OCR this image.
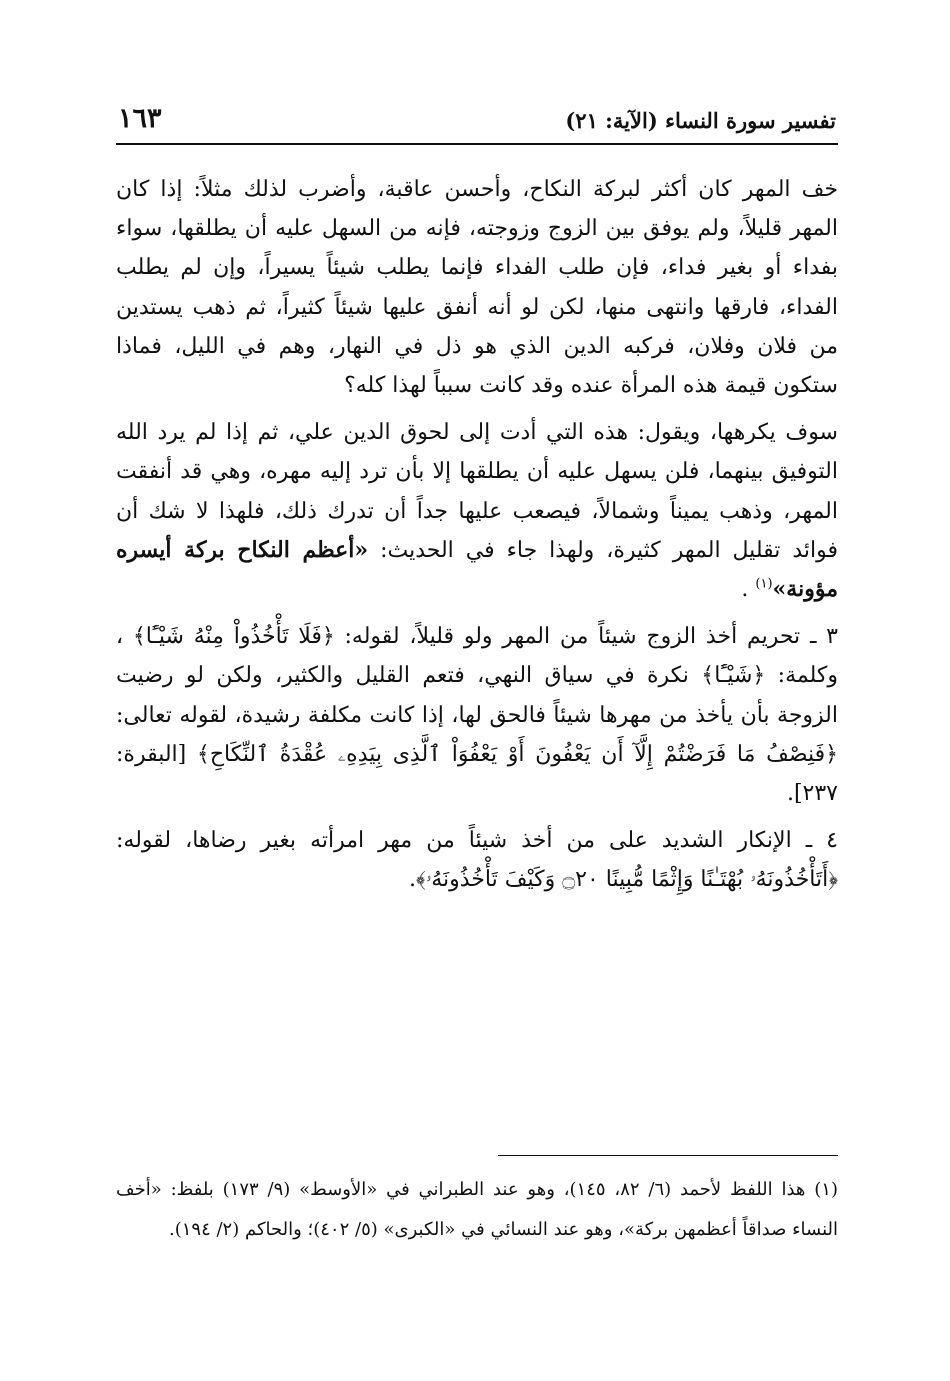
تفسير سورة النساء (الآية: ٢١)
١٦٣

خف المهر كان أكثر لبركة النكاح، وأحسن عاقبة، وأضرب لذلك مثلاً: إذا كان المهر قليلاً، ولم يوفق بين الزوج وزوجته، فإنه من السهل عليه أن يطلقها، سواء بفداء أو بغير فداء، فإن طلب الفداء فإنما يطلب شيئاً يسيراً، وإن لم يطلب الفداء، فارقها وانتهى منها، لكن لو أنه أنفق عليها شيئاً كثيراً، ثم ذهب يستدين من فلان وفلان، فركبه الدين الذي هو ذل في النهار، وهم في الليل، فماذا ستكون قيمة هذه المرأة عنده وقد كانت سبباً لهذا كله؟

سوف يكرهها، ويقول: هذه التي أدت إلى لحوق الدين علي، ثم إذا لم يرد الله التوفيق بينهما، فلن يسهل عليه أن يطلقها إلا بأن ترد إليه مهره، وهي قد أنفقت المهر، وذهب يميناً وشمالاً، فيصعب عليها جداً أن تدرك ذلك، فلهذا لا شك أن فوائد تقليل المهر كثيرة، ولهذا جاء في الحديث: «أعظم النكاح بركة أيسره مؤونة»$^{(١)}$ .

٣ ـ تحريم أخذ الزوج شيئاً من المهر ولو قليلاً، لقوله: ﴿فَلَا تَأْخُذُواْ مِنْهُ شَيْـًٔا﴾ ، وكلمة: ﴿شَيْـًٔا﴾ نكرة في سياق النهي، فتعم القليل والكثير، ولكن لو رضيت الزوجة بأن يأخذ من مهرها شيئاً فالحق لها، إذا كانت مكلفة رشيدة، لقوله تعالى: ﴿فَنِصْفُ مَا فَرَضْتُمْ إِلَّآ أَن يَعْفُونَ أَوْ يَعْفُوَاْ ٱلَّذِى بِيَدِهِۦ عُقْدَةُ ٱلنِّكَاحِ﴾ [البقرة: ٢٣٧].

٤ ـ الإنكار الشديد على من أخذ شيئاً من مهر امرأته بغير رضاها، لقوله: ﴿أَتَأْخُذُونَهُۥ بُهْتَـٰنًا وَإِثْمًا مُّبِينًا ۝٢٠ وَكَيْفَ تَأْخُذُونَهُۥ﴾.

(١) هذا اللفظ لأحمد (٦/ ٨٢، ١٤٥)، وهو عند الطبراني في «الأوسط» (٩/ ١٧٣) بلفظ: «أخف النساء صداقاً أعظمهن بركة»، وهو عند النسائي في «الكبرى» (٥/ ٤٠٢)؛ والحاكم (٢/ ١٩٤).
